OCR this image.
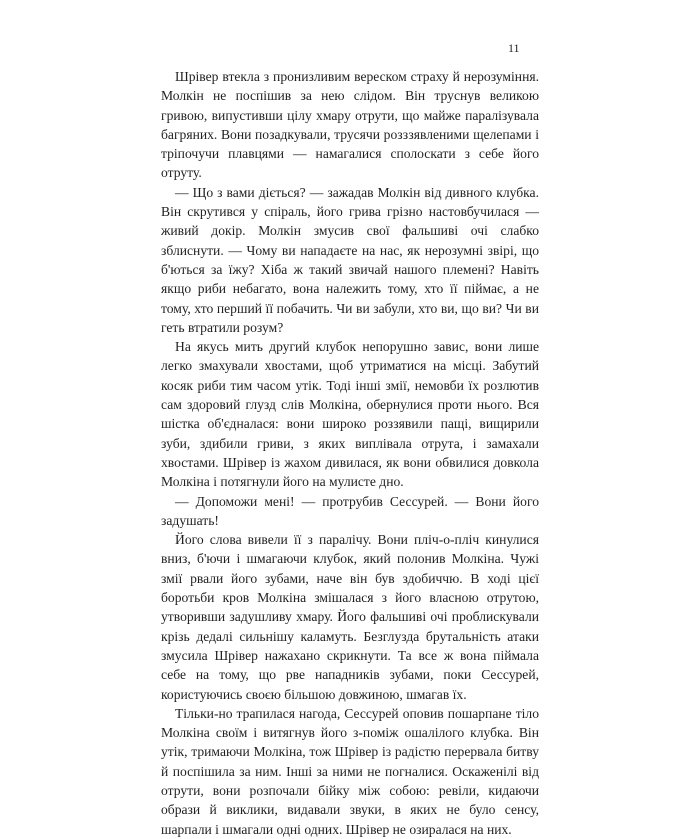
11

Шрівер втекла з пронизливим вереском страху й нерозуміння. Молкін не поспішив за нею слідом. Він труснув великою гривою, випустивши цілу хмару отрути, що майже паралізувала багряних. Вони позадкували, трусячи розззявленими щелепами і тріпочучи плавцями — намагалися сполоскати з себе його отруту.

— Що з вами діється? — зажадав Молкін від дивного клубка. Він скрутився у спіраль, його грива грізно настовбучилася — живий докір. Молкін змусив свої фальшиві очі слабко зблиснути. — Чому ви нападаєте на нас, як нерозумні звірі, що б'ються за їжу? Хіба ж такий звичай нашого племені? Навіть якщо риби небагато, вона належить тому, хто її піймає, а не тому, хто перший її побачить. Чи ви забули, хто ви, що ви? Чи ви геть втратили розум?

На якусь мить другий клубок непорушно завис, вони лише легко змахували хвостами, щоб утриматися на місці. Забутий косяк риби тим часом утік. Тоді інші змії, немовби їх розлютив сам здоровий глузд слів Молкіна, обернулися проти нього. Вся шістка об'єдналася: вони широко роззявили пащі, вищирили зуби, здибили гриви, з яких виплівала отрута, і замахали хвостами. Шрівер із жахом дивилася, як вони обвилися довкола Молкіна і потягнули його на мулисте дно.

— Допоможи мені! — протрубив Сессурей. — Вони його задушать!

Його слова вивели її з паралічу. Вони пліч-о-пліч кинулися вниз, б'ючи і шмагаючи клубок, який полонив Молкіна. Чужі змії рвали його зубами, наче він був здобиччю. В ході цієї боротьби кров Молкіна змішалася з його власною отрутою, утворивши задушливу хмару. Його фальшиві очі проблискували крізь дедалі сильнішу каламуть. Безглузда брутальність атаки змусила Шрівер нажахано скрикнути. Та все ж вона піймала себе на тому, що рве нападників зубами, поки Сессурей, користуючись своєю більшою довжиною, шмагав їх.

Тільки-но трапилася нагода, Сессурей оповив пошарпане тіло Молкіна своїм і витягнув його з-поміж ошалілого клубка. Він утік, тримаючи Молкіна, тож Шрівер із радістю перервала битву й поспішила за ним. Інші за ними не погналися. Оскаженілі від отрути, вони розпочали бійку між собою: ревіли, кидаючи образи й виклики, видавали звуки, в яких не було сенсу, шарпали і шмагали одні одних. Шрівер не озиралася на них.
